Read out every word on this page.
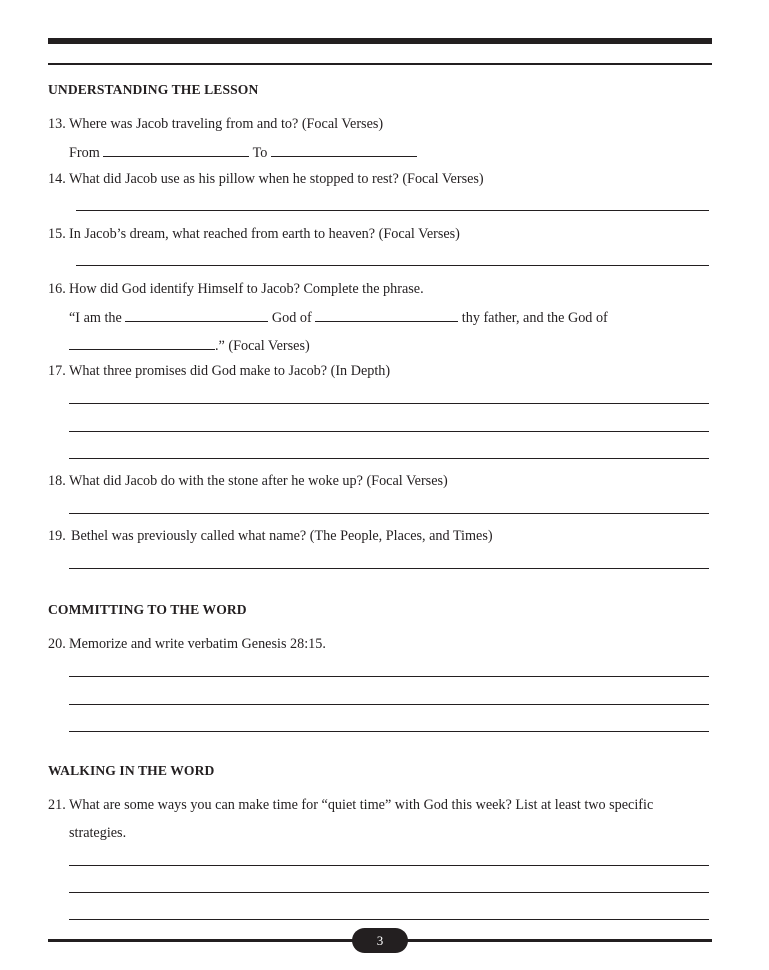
UNDERSTANDING THE LESSON
13. Where was Jacob traveling from and to? (Focal Verses)
From	To
14. What did Jacob use as his pillow when he stopped to rest? (Focal Verses)
15. In Jacob’s dream, what reached from earth to heaven? (Focal Verses)
16. How did God identify Himself to Jacob? Complete the phrase.
“I am the	God of	thy father, and the God of
.” (Focal Verses)
17. What three promises did God make to Jacob? (In Depth)
18. What did Jacob do with the stone after he woke up? (Focal Verses)
19. Bethel was previously called what name? (The People, Places, and Times)
COMMITTING TO THE WORD
20. Memorize and write verbatim Genesis 28:15.
WALKING IN THE WORD
21. What are some ways you can make time for “quiet time” with God this week? List at least two specific
strategies.
3
